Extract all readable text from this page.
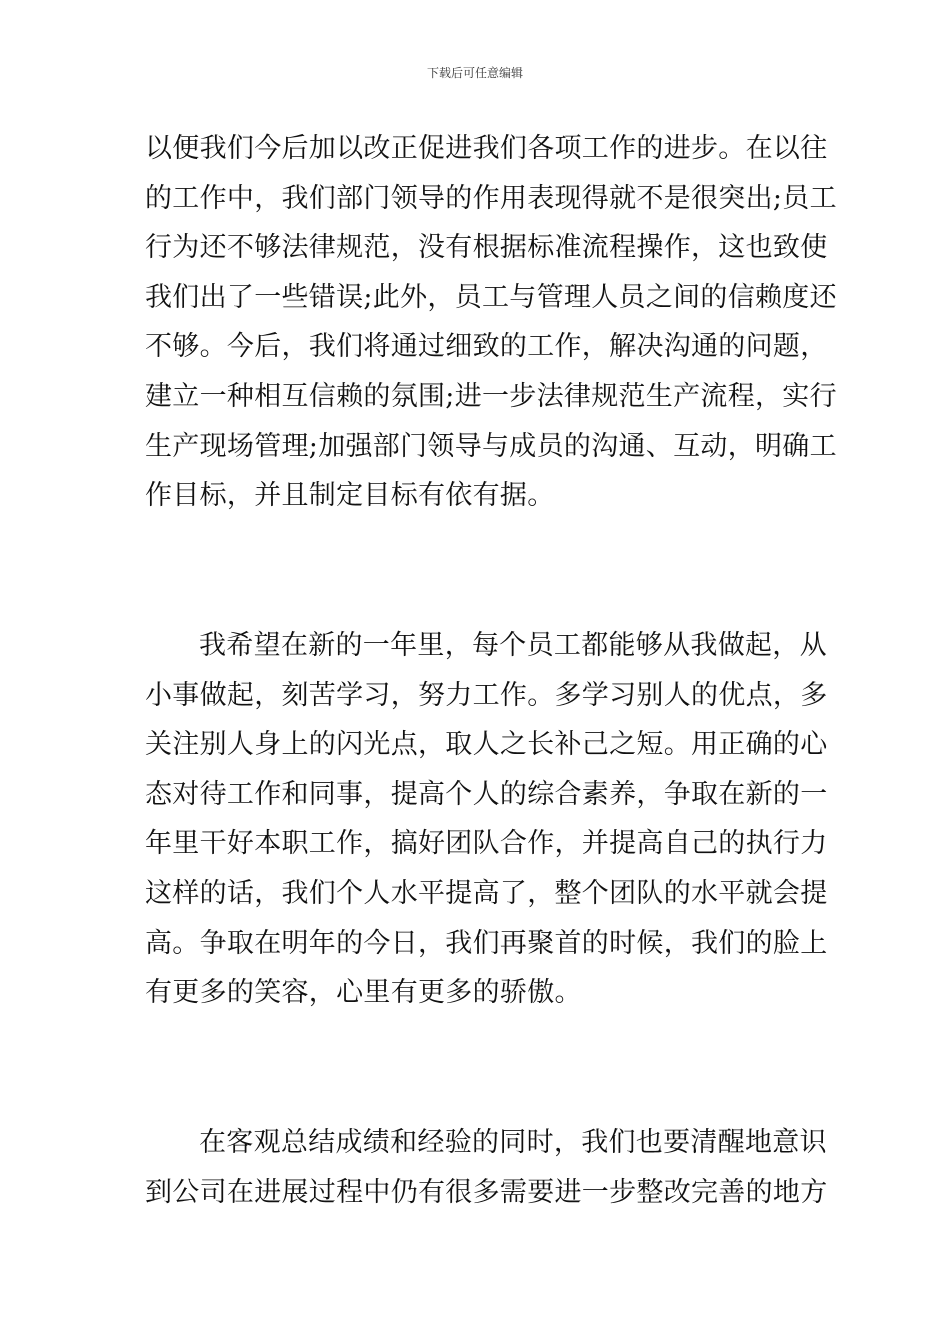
下载后可任意编辑
以便我们今后加以改正促进我们各项工作的进步。在以往
的工作中，我们部门领导的作用表现得就不是很突出;员工
行为还不够法律规范，没有根据标准流程操作，这也致使
我们出了一些错误;此外，员工与管理人员之间的信赖度还
不够。今后，我们将通过细致的工作，解决沟通的问题，
建立一种相互信赖的氛围;进一步法律规范生产流程，实行
生产现场管理;加强部门领导与成员的沟通、互动，明确工
作目标，并且制定目标有依有据。
我希望在新的一年里，每个员工都能够从我做起，从
小事做起，刻苦学习，努力工作。多学习别人的优点，多
关注别人身上的闪光点，取人之长补己之短。用正确的心
态对待工作和同事，提高个人的综合素养，争取在新的一
年里干好本职工作，搞好团队合作，并提高自己的执行力
这样的话，我们个人水平提高了，整个团队的水平就会提
高。争取在明年的今日，我们再聚首的时候，我们的脸上
有更多的笑容，心里有更多的骄傲。
在客观总结成绩和经验的同时，我们也要清醒地意识
到公司在进展过程中仍有很多需要进一步整改完善的地方
